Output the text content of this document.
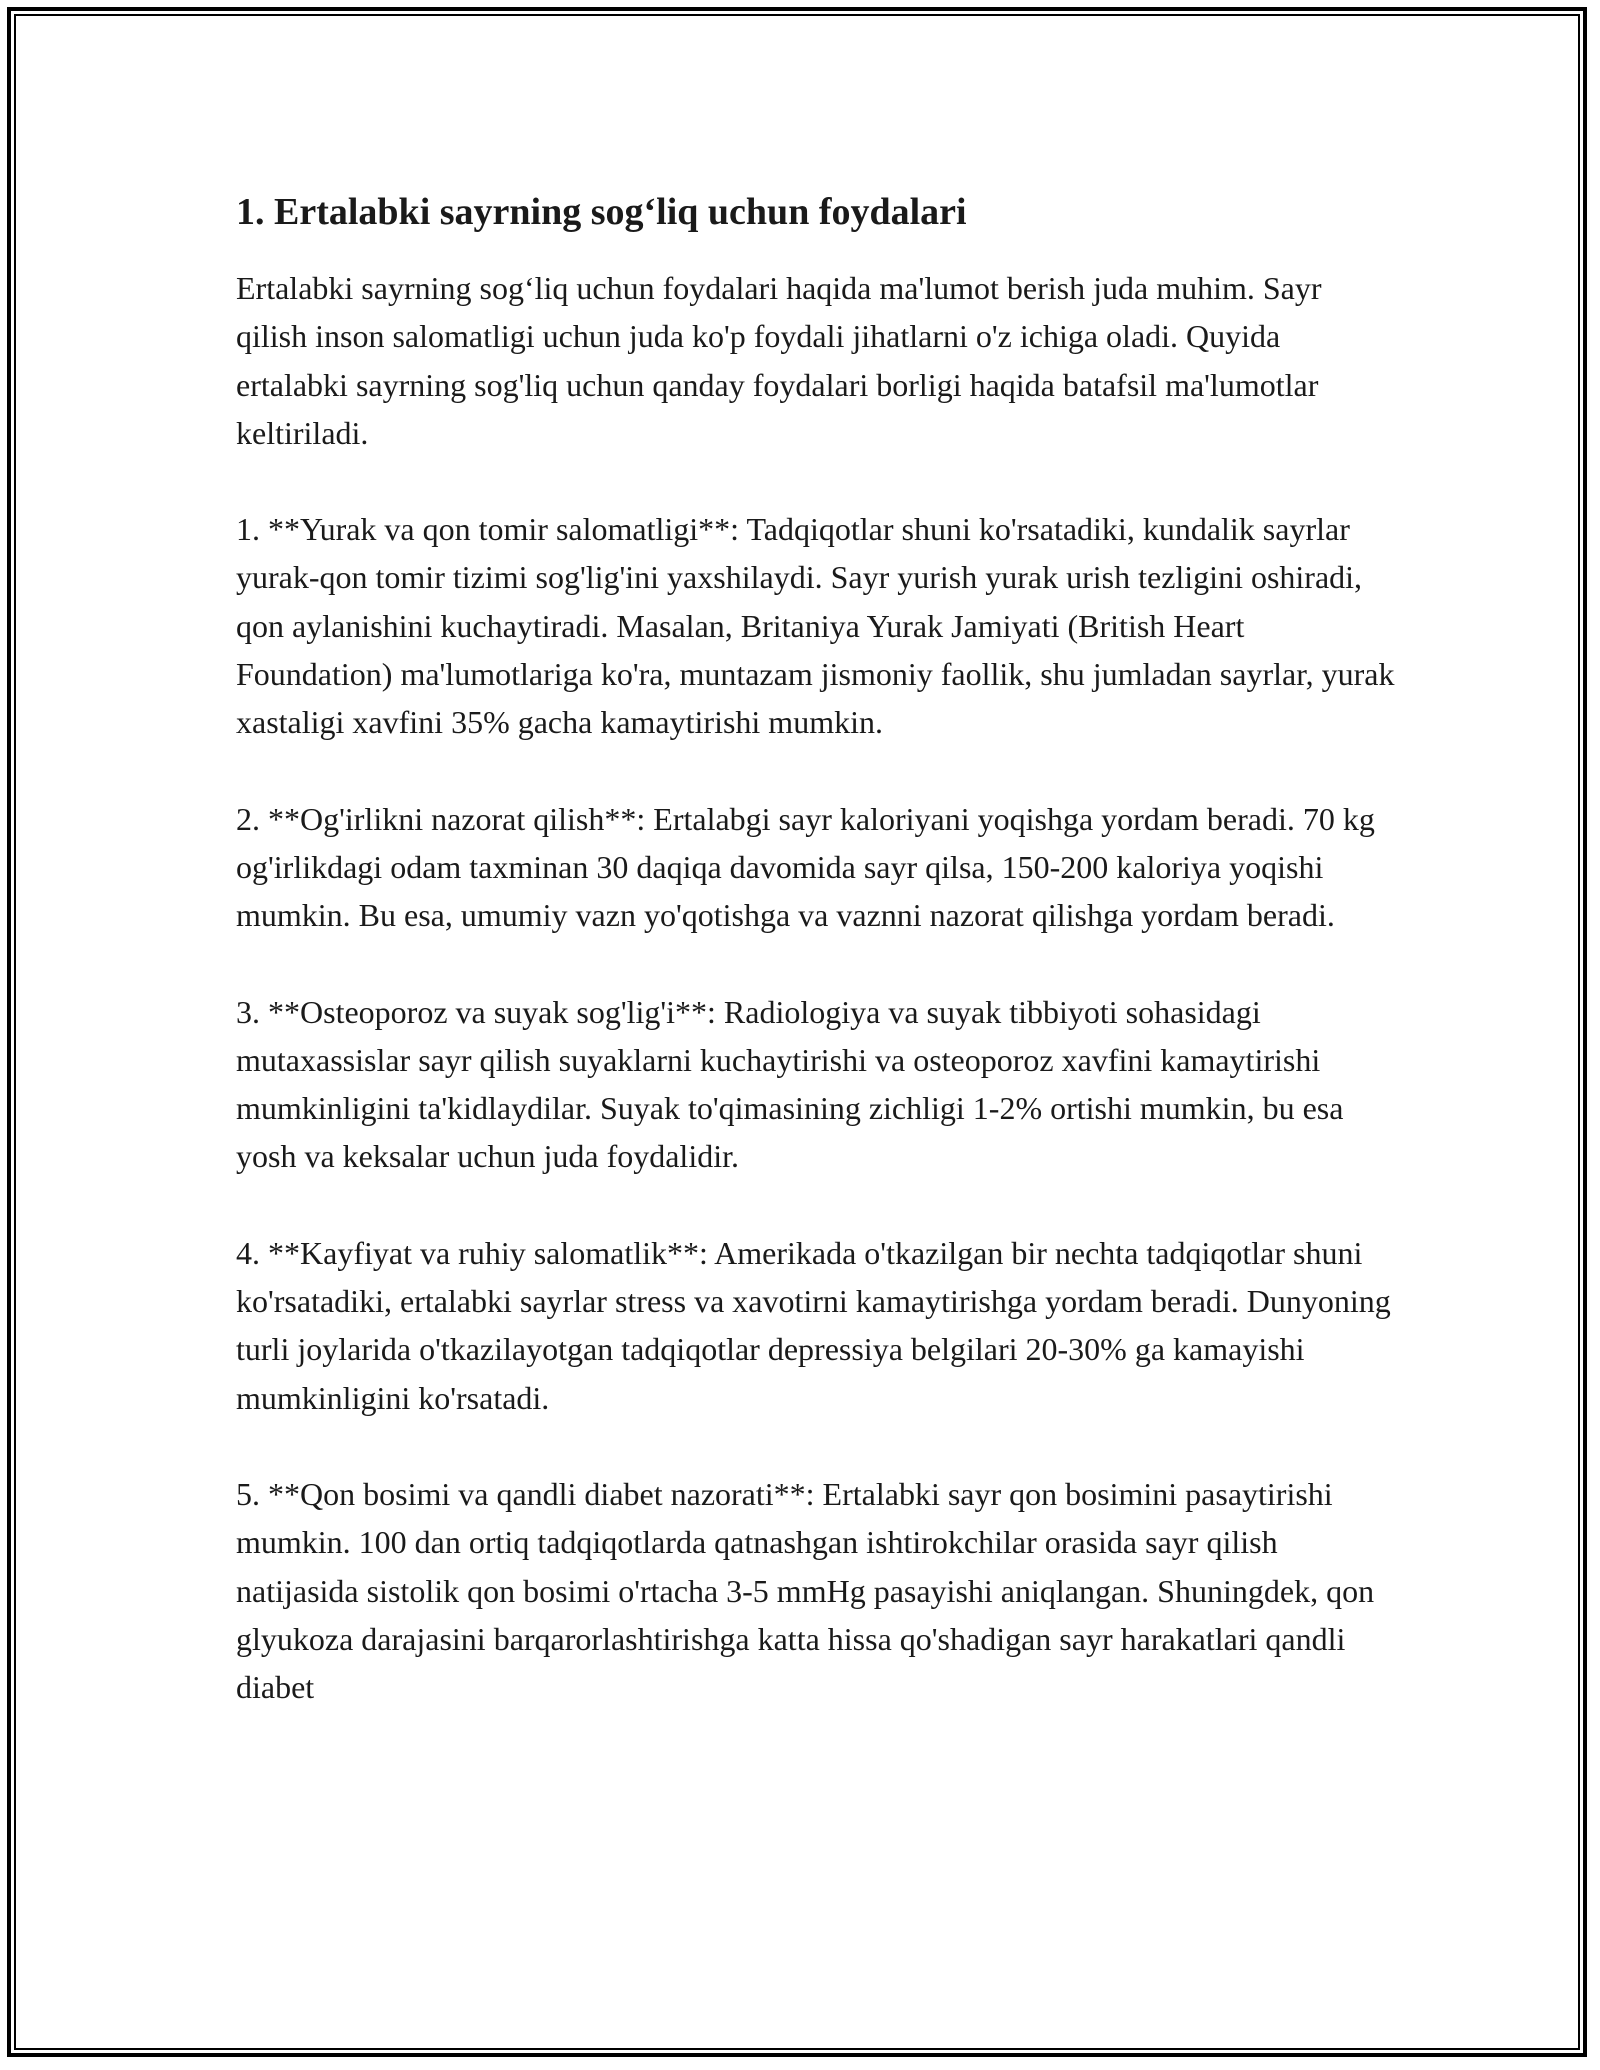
1. Ertalabki sayrning sog‘liq uchun foydalari

Ertalabki sayrning sog‘liq uchun foydalari haqida ma'lumot berish juda muhim. Sayr qilish inson salomatligi uchun juda ko'p foydali jihatlarni o'z ichiga oladi. Quyida ertalabki sayrning sog'liq uchun qanday foydalari borligi haqida batafsil ma'lumotlar keltiriladi.

1. **Yurak va qon tomir salomatligi**: Tadqiqotlar shuni ko'rsatadiki, kundalik sayrlar yurak-qon tomir tizimi sog'lig'ini yaxshilaydi. Sayr yurish yurak urish tezligini oshiradi, qon aylanishini kuchaytiradi. Masalan, Britaniya Yurak Jamiyati (British Heart Foundation) ma'lumotlariga ko'ra, muntazam jismoniy faollik, shu jumladan sayrlar, yurak xastaligi xavfini 35% gacha kamaytirishi mumkin.

2. **Og'irlikni nazorat qilish**: Ertalabgi sayr kaloriyani yoqishga yordam beradi. 70 kg og'irlikdagi odam taxminan 30 daqiqa davomida sayr qilsa, 150-200 kaloriya yoqishi mumkin. Bu esa, umumiy vazn yo'qotishga va vaznni nazorat qilishga yordam beradi.

3. **Osteoporoz va suyak sog'lig'i**: Radiologiya va suyak tibbiyoti sohasidagi mutaxassislar sayr qilish suyaklarni kuchaytirishi va osteoporoz xavfini kamaytirishi mumkinligini ta'kidlaydilar. Suyak to'qimasining zichligi 1-2% ortishi mumkin, bu esa yosh va keksalar uchun juda foydalidir.

4. **Kayfiyat va ruhiy salomatlik**: Amerikada o'tkazilgan bir nechta tadqiqotlar shuni ko'rsatadiki, ertalabki sayrlar stress va xavotirni kamaytirishga yordam beradi. Dunyoning turli joylarida o'tkazilayotgan tadqiqotlar depressiya belgilari 20-30% ga kamayishi mumkinligini ko'rsatadi.

5. **Qon bosimi va qandli diabet nazorati**: Ertalabki sayr qon bosimini pasaytirishi mumkin. 100 dan ortiq tadqiqotlarda qatnashgan ishtirokchilar orasida sayr qilish natijasida sistolik qon bosimi o'rtacha 3-5 mmHg pasayishi aniqlangan. Shuningdek, qon glyukoza darajasini barqarorlashtirishga katta hissa qo'shadigan sayr harakatlari qandli diabet
